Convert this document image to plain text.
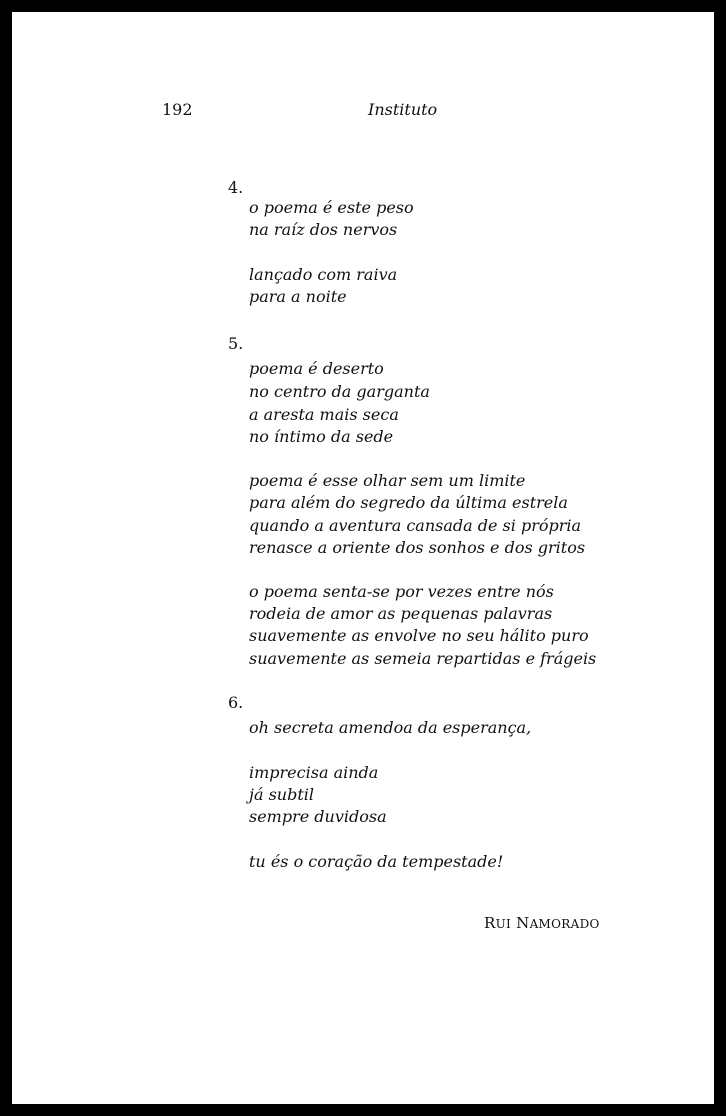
192	Instituto
4.
o poema é este peso
na raíz dos nervos
lançado com raiva
para a noite
5.
poema é deserto
no centro da garganta
a aresta mais seca
no íntimo da sede
poema é esse olhar sem um limite
para além do segredo da última estrela
quando a aventura cansada de si própria
renasce a oriente dos sonhos e dos gritos
o poema senta-se por vezes entre nós
rodeia de amor as pequenas palavras
suavemente as envolve no seu hálito puro
suavemente as semeia repartidas e frágeis
6.
oh secreta amendoa da esperança,
imprecisa ainda
já subtil
sempre duvidosa
tu és o coração da tempestade!
RUI NAMORADO
